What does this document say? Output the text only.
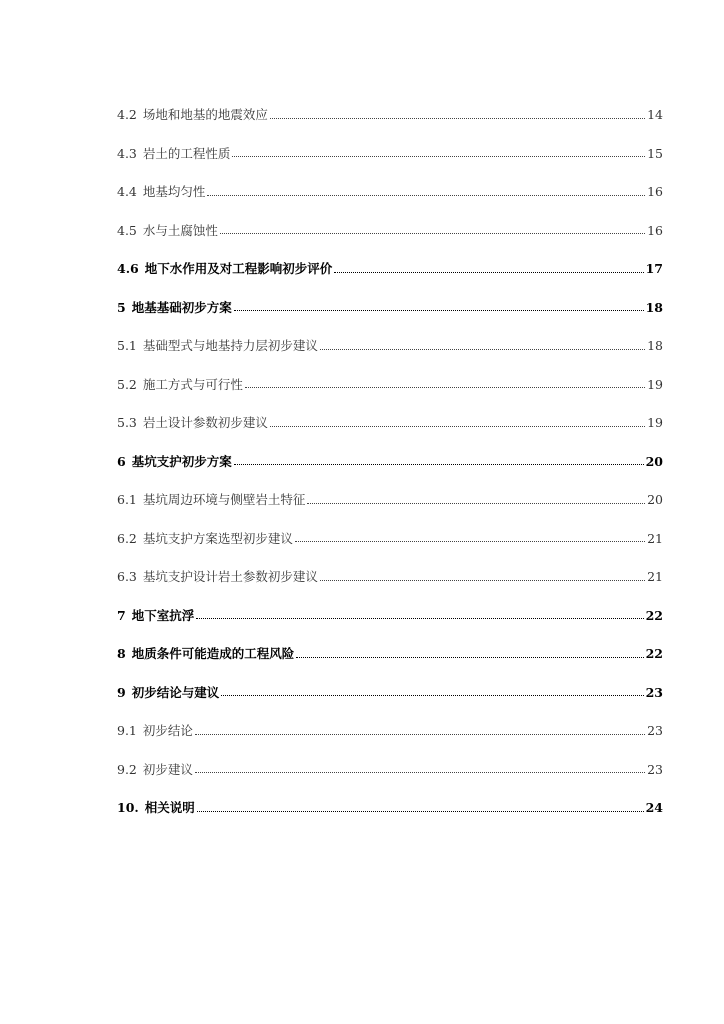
4.2 场地和地基的地震效应	14
4.3 岩土的工程性质	15
4.4 地基均匀性	16
4.5 水与土腐蚀性	16
4.6 地下水作用及对工程影响初步评价	17
5 地基基础初步方案	18
5.1 基础型式与地基持力层初步建议	18
5.2 施工方式与可行性	19
5.3 岩土设计参数初步建议	19
6 基坑支护初步方案	20
6.1 基坑周边环境与侧壁岩土特征	20
6.2 基坑支护方案选型初步建议	21
6.3 基坑支护设计岩土参数初步建议	21
7 地下室抗浮	22
8 地质条件可能造成的工程风险	22
9 初步结论与建议	23
9.1 初步结论	23
9.2 初步建议	23
10. 相关说明	24
